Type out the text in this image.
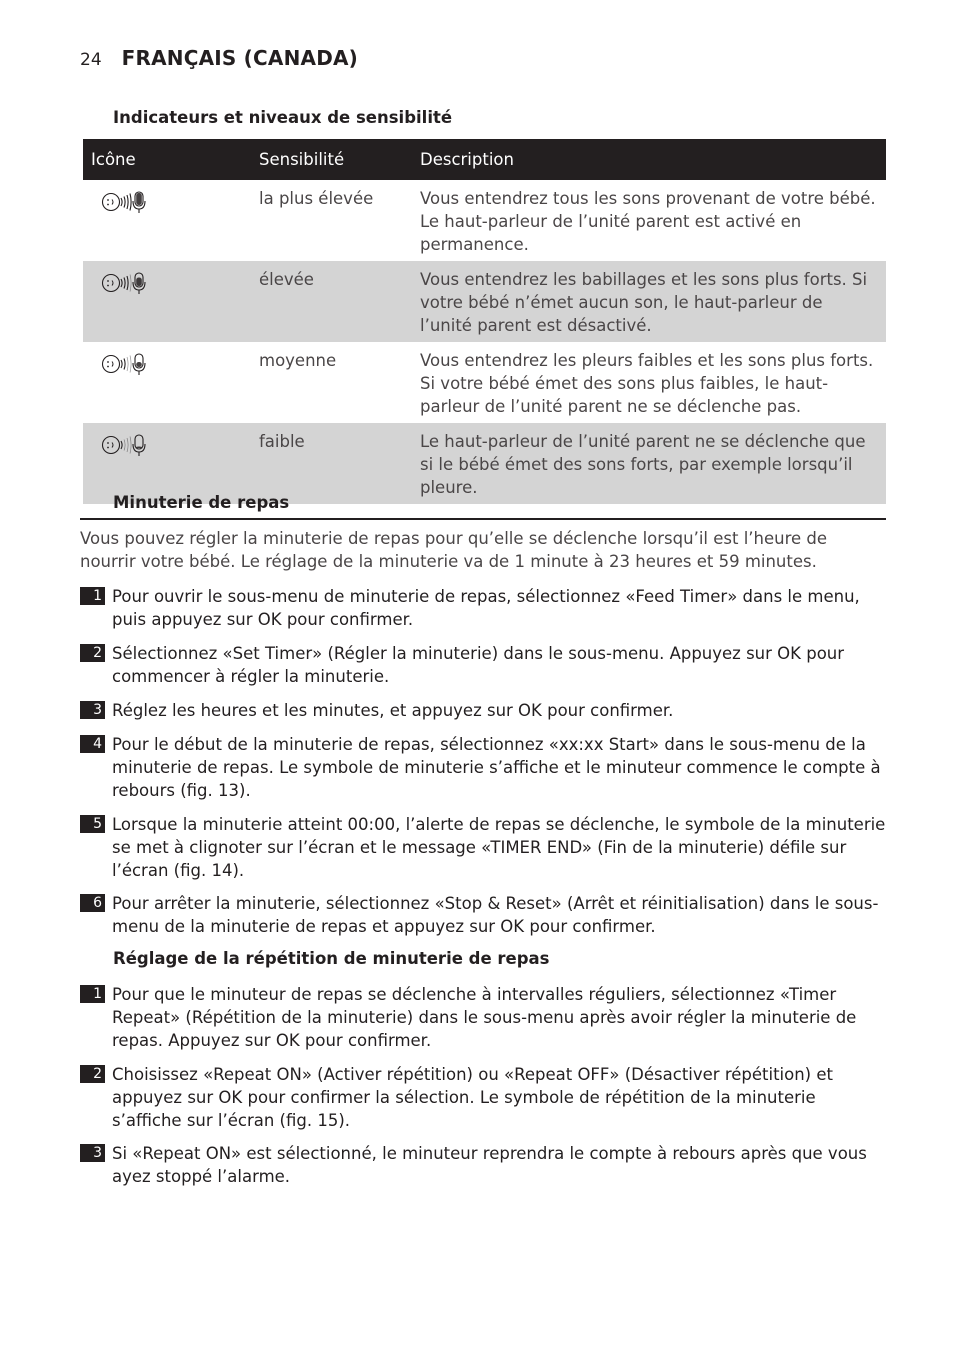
24 FRANÇAIS (CANADA)
Indicateurs et niveaux de sensibilité
Icône	Sensibilité	Description

	la plus élevée	Vous entendrez tous les sons provenant de votre bébé. Le haut-parleur de l’unité parent est activé en permanence.

	élevée	Vous entendrez les babillages et les sons plus forts. Si votre bébé n’émet aucun son, le haut-parleur de l’unité parent est désactivé.

	moyenne	Vous entendrez les pleurs faibles et les sons plus forts. Si votre bébé émet des sons plus faibles, le haut-parleur de l’unité parent ne se déclenche pas.

	faible	Le haut-parleur de l’unité parent ne se déclenche que si le bébé émet des sons forts, par exemple lorsqu’il pleure.
Minuterie de repas
Vous pouvez régler la minuterie de repas pour qu’elle se déclenche lorsqu’il est l’heure de nourrir votre bébé. Le réglage de la minuterie va de 1 minute à 23 heures et 59 minutes.
1 Pour ouvrir le sous-menu de minuterie de repas, sélectionnez «Feed Timer» dans le menu, puis appuyez sur OK pour confirmer.
2 Sélectionnez «Set Timer» (Régler la minuterie) dans le sous-menu. Appuyez sur OK pour commencer à régler la minuterie.
3 Réglez les heures et les minutes, et appuyez sur OK pour confirmer.
4 Pour le début de la minuterie de repas, sélectionnez «xx:xx Start» dans le sous-menu de la minuterie de repas. Le symbole de minuterie s’affiche et le minuteur commence le compte à rebours (fig. 13).
5 Lorsque la minuterie atteint 00:00, l’alerte de repas se déclenche, le symbole de la minuterie se met à clignoter sur l’écran et le message «TIMER END» (Fin de la minuterie) défile sur l’écran (fig. 14).
6 Pour arrêter la minuterie, sélectionnez «Stop & Reset» (Arrêt et réinitialisation) dans le sous-menu de la minuterie de repas et appuyez sur OK pour confirmer.
Réglage de la répétition de minuterie de repas
1 Pour que le minuteur de repas se déclenche à intervalles réguliers, sélectionnez «Timer Repeat» (Répétition de la minuterie) dans le sous-menu après avoir régler la minuterie de repas. Appuyez sur OK pour confirmer.
2 Choisissez «Repeat ON» (Activer répétition) ou «Repeat OFF» (Désactiver répétition) et appuyez sur OK pour confirmer la sélection. Le symbole de répétition de la minuterie s’affiche sur l’écran (fig. 15).
3 Si «Repeat ON» est sélectionné, le minuteur reprendra le compte à rebours après que vous ayez stoppé l’alarme.
